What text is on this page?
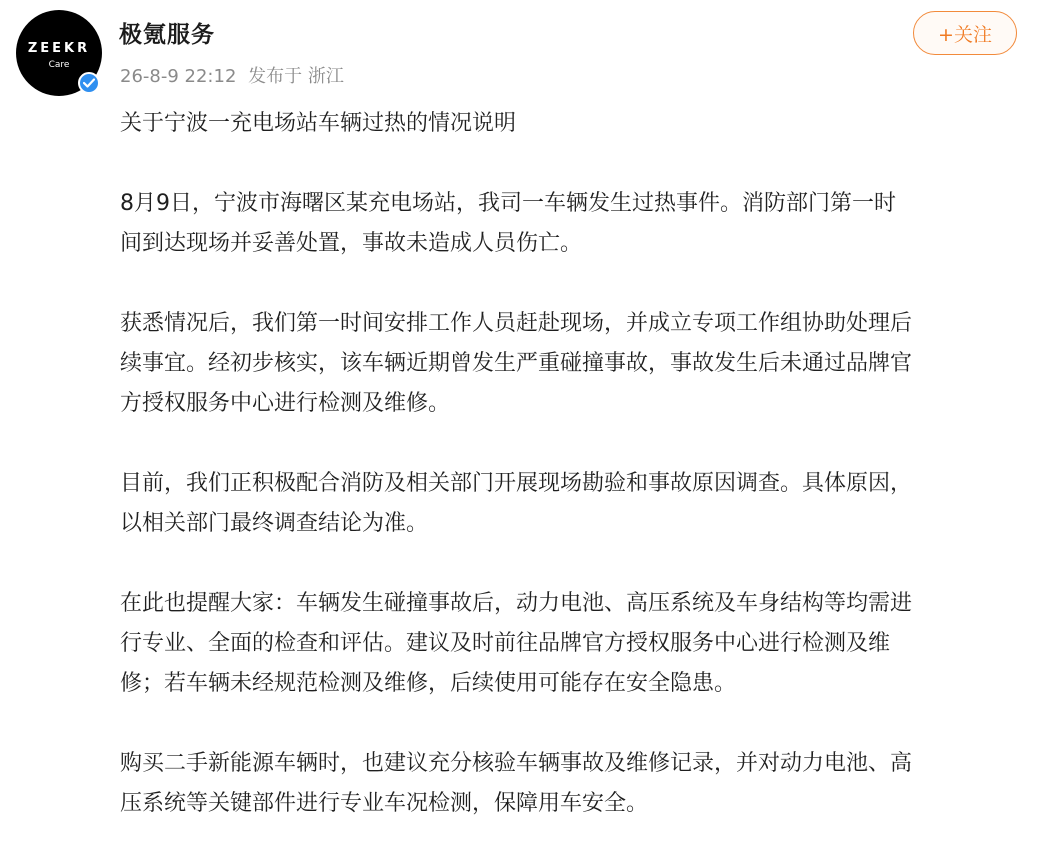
ZEEKR
Care
极氪服务
26-8-9 22:12 发布于 浙江
+关注

关于宁波一充电场站车辆过热的情况说明

8月9日，宁波市海曙区某充电场站，我司一车辆发生过热事件。消防部门第一时
间到达现场并妥善处置，事故未造成人员伤亡。

获悉情况后，我们第一时间安排工作人员赶赴现场，并成立专项工作组协助处理后
续事宜。经初步核实，该车辆近期曾发生严重碰撞事故，事故发生后未通过品牌官
方授权服务中心进行检测及维修。

目前，我们正积极配合消防及相关部门开展现场勘验和事故原因调查。具体原因，
以相关部门最终调查结论为准。

在此也提醒大家：车辆发生碰撞事故后，动力电池、高压系统及车身结构等均需进
行专业、全面的检查和评估。建议及时前往品牌官方授权服务中心进行检测及维
修；若车辆未经规范检测及维修，后续使用可能存在安全隐患。

购买二手新能源车辆时，也建议充分核验车辆事故及维修记录，并对动力电池、高
压系统等关键部件进行专业车况检测，保障用车安全。
